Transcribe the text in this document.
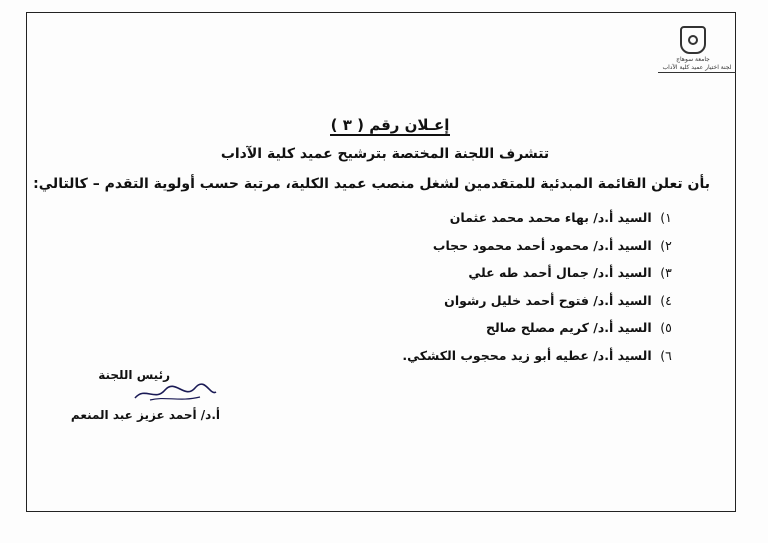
جامعة سوهاج
لجنة اختيار عميد كلية الآداب
إعـلان رقم ( ٣ )
تتشرف اللجنة المختصة بترشيح عميد كلية الآداب
بأن تعلن القائمة المبدئية للمتقدمين لشغل منصب عميد الكلية، مرتبة حسب أولوية التقدم – كالتالي:
١) السيد أ.د/ بهاء محمد محمد عثمان
٢) السيد أ.د/ محمود أحمد محمود حجاب
٣) السيد أ.د/ جمال أحمد طه علي
٤) السيد أ.د/ فتوح أحمد خليل رشوان
٥) السيد أ.د/ كريم مصلح صالح
٦) السيد أ.د/ عطيه أبو زيد محجوب الكشكي.
رئيس اللجنة
أ.د/ أحمد عزيز عبد المنعم
